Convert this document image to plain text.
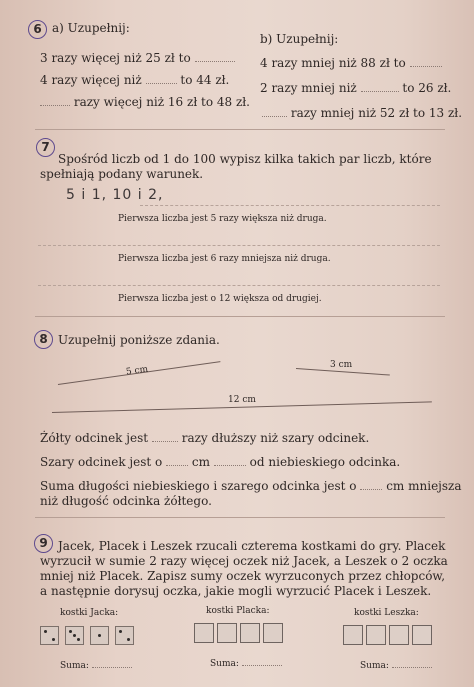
6 a) Uzupełnij:
3 razy więcej niż 25 zł to
4 razy więcej niż	to 44 zł.
razy więcej niż 16 zł to 48 zł.
b) Uzupełnij:
4 razy mniej niż 88 zł to
2 razy mniej niż	to 26 zł.
razy mniej niż 52 zł to 13 zł.
7
Spośród liczb od 1 do 100 wypisz kilka takich par liczb, które
spełniają podany warunek.
5 i 1, 10 i 2,
Pierwsza liczba jest 5 razy większa niż druga.
Pierwsza liczba jest 6 razy mniejsza niż druga.
Pierwsza liczba jest o 12 większa od drugiej.
8 Uzupełnij poniższe zdania.
5 cm	3 cm
12 cm
Żółty odcinek jest	razy dłuższy niż szary odcinek.
Szary odcinek jest o cm	od niebieskiego odcinka.
Suma długości niebieskiego i szarego odcinka jest o cm mniejsza
niż długość odcinka żółtego.
9 Jacek, Placek i Leszek rzucali czterema kostkami do gry. Placek
wyrzucił w sumie 2 razy więcej oczek niż Jacek, a Leszek o 2 oczka
mniej niż Placek. Zapisz sumy oczek wyrzuconych przez chłopców,
a następnie dorysuj oczka, jakie mogli wyrzucić Placek i Leszek.
kostki Jacka:	kostki Placka:	kostki Leszka:
Suma:	Suma:	Suma:
